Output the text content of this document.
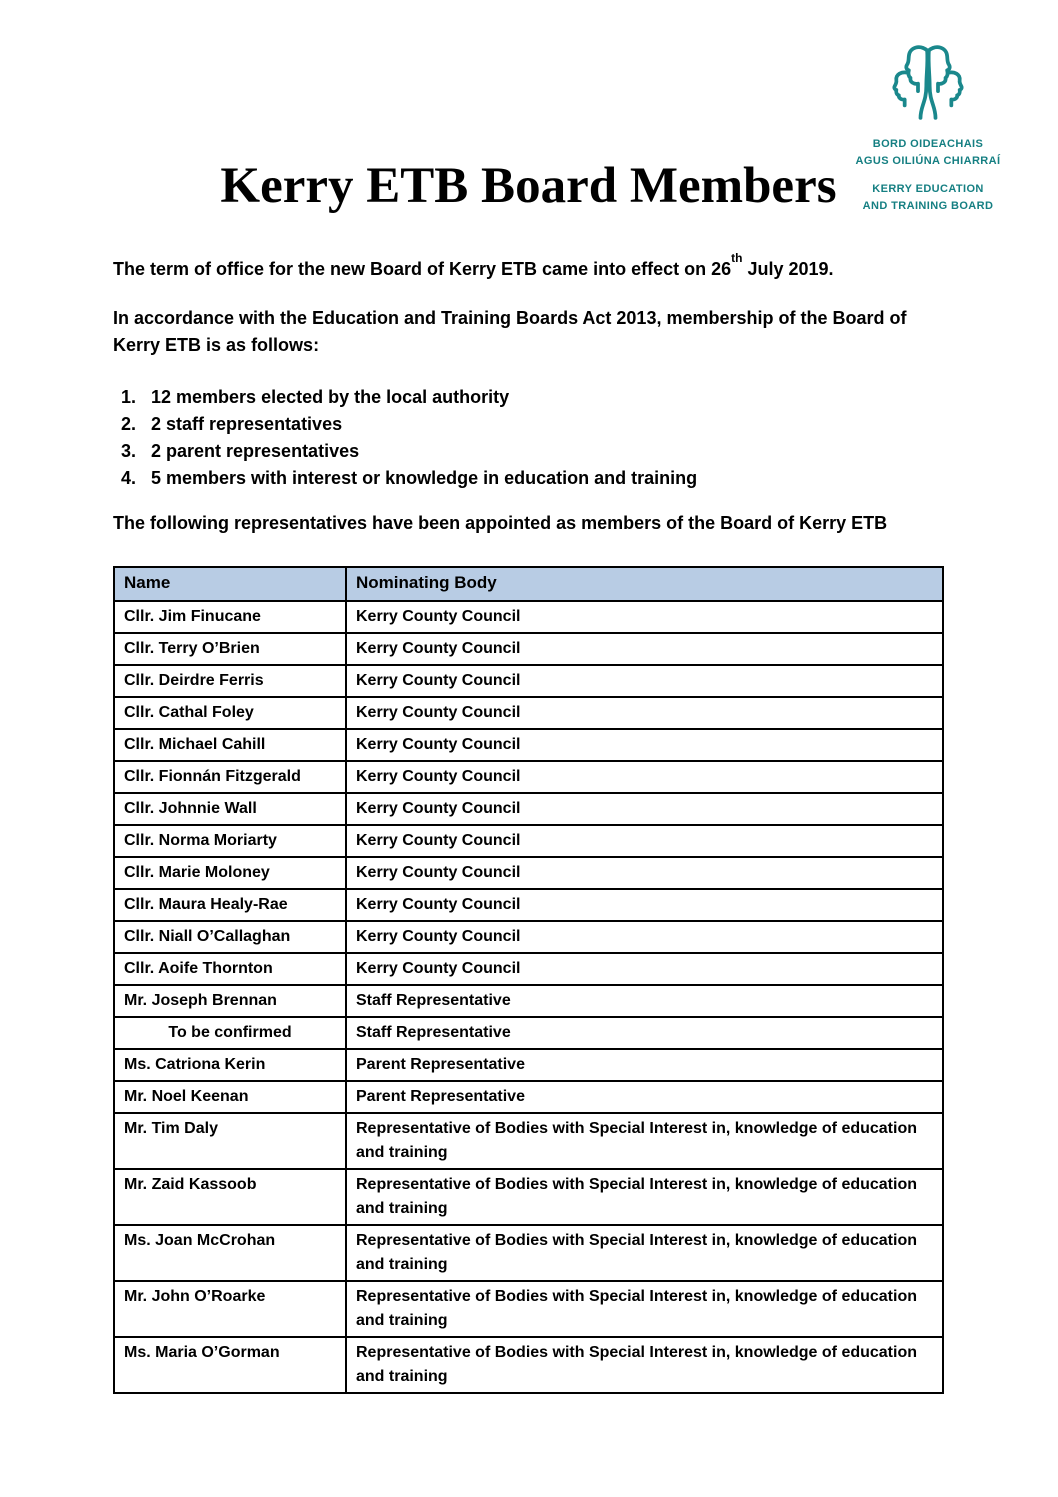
BORD OIDEACHAIS
AGUS OILIÚNA CHIARRAÍ
KERRY EDUCATION
AND TRAINING BOARD
Kerry ETB Board Members
The term of office for the new Board of Kerry ETB came into effect on 26th July 2019.
In accordance with the Education and Training Boards Act 2013, membership of the Board of Kerry ETB is as follows:
1. 12 members elected by the local authority
2. 2 staff representatives
3. 2 parent representatives
4. 5 members with interest or knowledge in education and training
The following representatives have been appointed as members of the Board of Kerry ETB
Name	Nominating Body
Cllr. Jim Finucane	Kerry County Council
Cllr. Terry O’Brien	Kerry County Council
Cllr. Deirdre Ferris	Kerry County Council
Cllr. Cathal Foley	Kerry County Council
Cllr. Michael Cahill	Kerry County Council
Cllr. Fionnán Fitzgerald	Kerry County Council
Cllr. Johnnie Wall	Kerry County Council
Cllr. Norma Moriarty	Kerry County Council
Cllr. Marie Moloney	Kerry County Council
Cllr. Maura Healy-Rae	Kerry County Council
Cllr. Niall O’Callaghan	Kerry County Council
Cllr. Aoife Thornton	Kerry County Council
Mr. Joseph Brennan	Staff Representative
To be confirmed	Staff Representative
Ms. Catriona Kerin	Parent Representative
Mr. Noel Keenan	Parent Representative
Mr. Tim Daly	Representative of Bodies with Special Interest in, knowledge of education and training
Mr. Zaid Kassoob	Representative of Bodies with Special Interest in, knowledge of education and training
Ms. Joan McCrohan	Representative of Bodies with Special Interest in, knowledge of education and training
Mr. John O’Roarke	Representative of Bodies with Special Interest in, knowledge of education and training
Ms. Maria O’Gorman	Representative of Bodies with Special Interest in, knowledge of education and training
